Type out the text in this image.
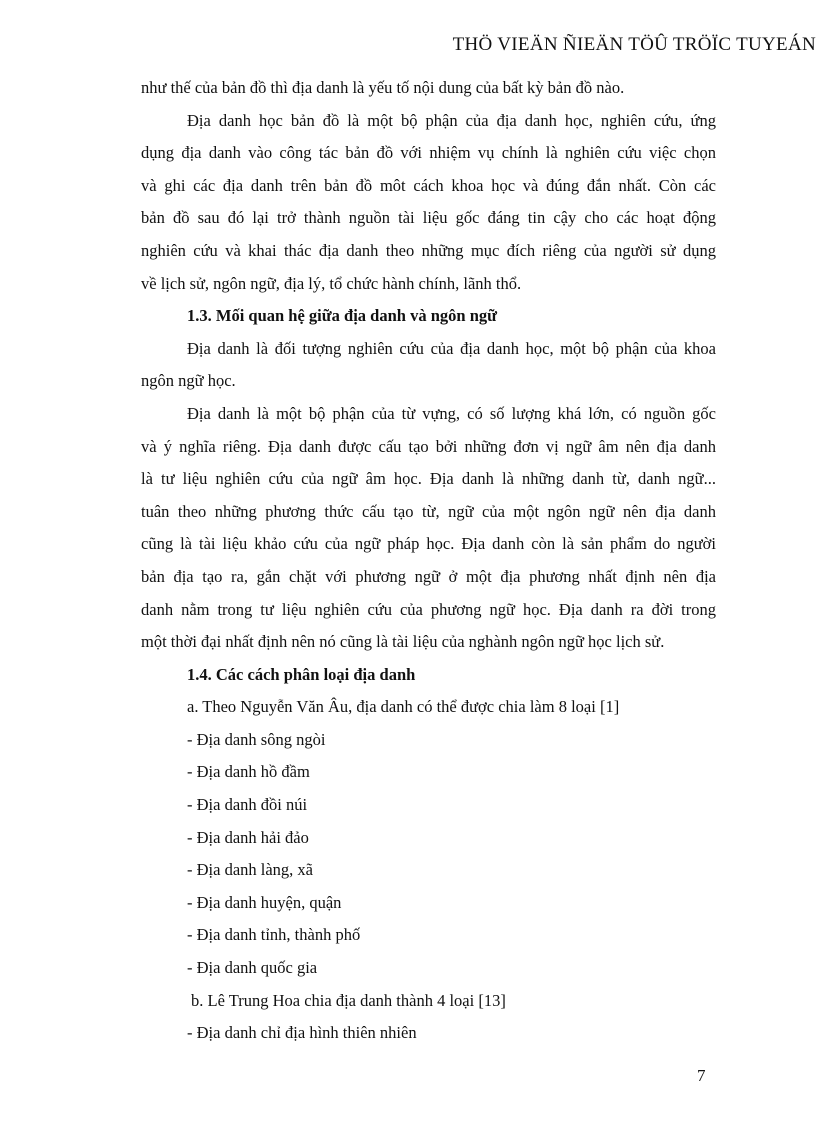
THÖ VIEÄN ÑIEÄN TÖÛ TRÖÏC TUYEÁN
như thế của bản đồ thì địa danh là yếu tố nội dung của bất kỳ bản đồ nào.
Địa danh học bản đồ là một bộ phận của địa danh học, nghiên cứu, ứng
dụng địa danh vào công tác bản đồ với nhiệm vụ chính là nghiên cứu việc chọn
và ghi các địa danh trên bản đồ môt cách khoa học và đúng đắn nhất. Còn các
bản đồ sau đó lại trở thành nguồn tài liệu gốc đáng tin cậy cho các hoạt động
nghiên cứu và khai thác địa danh theo những mục đích riêng của người sử dụng
về lịch sử, ngôn ngữ, địa lý, tổ chức hành chính, lãnh thổ.
1.3. Mối quan hệ giữa địa danh và ngôn ngữ
Địa danh là đối tượng nghiên cứu của địa danh học, một bộ phận của khoa
ngôn ngữ học.
Địa danh là một bộ phận của từ vựng, có số lượng khá lớn, có nguồn gốc
và ý nghĩa riêng. Địa danh được cấu tạo bởi những đơn vị ngữ âm nên địa danh
là tư liệu nghiên cứu của ngữ âm học. Địa danh là những danh từ, danh ngữ...
tuân theo những phương thức cấu tạo từ, ngữ của một ngôn ngữ nên địa danh
cũng là tài liệu khảo cứu của ngữ pháp học. Địa danh còn là sản phẩm do người
bản địa tạo ra, gắn chặt với phương ngữ ở một địa phương nhất định nên địa
danh nằm trong tư liệu nghiên cứu của phương ngữ học. Địa danh ra đời trong
một thời đại nhất định nên nó cũng là tài liệu của nghành ngôn ngữ học lịch sử.
1.4. Các cách phân loại địa danh
a. Theo Nguyễn Văn Âu, địa danh có thể được chia làm 8 loại [1]
- Địa danh sông ngòi
- Địa danh hồ đầm
- Địa danh đồi núi
- Địa danh hải đảo
- Địa danh làng, xã
- Địa danh huyện, quận
- Địa danh tỉnh, thành phố
- Địa danh quốc gia
b. Lê Trung Hoa chia địa danh thành 4 loại [13]
- Địa danh chỉ địa hình thiên nhiên
7
